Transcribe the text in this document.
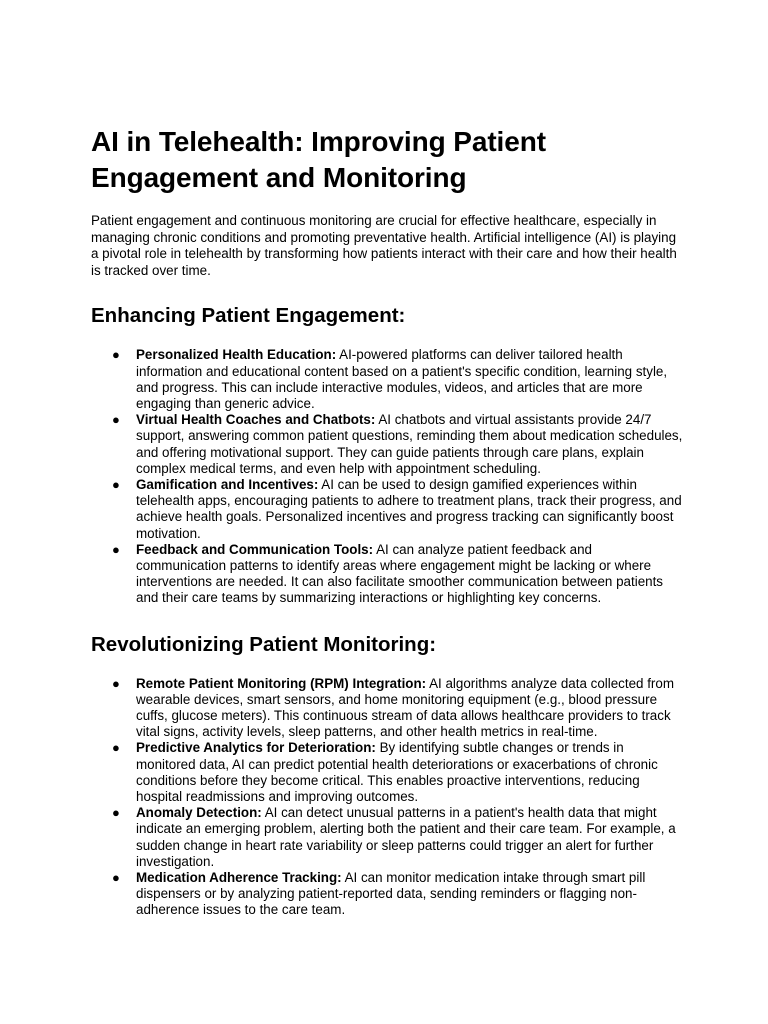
AI in Telehealth: Improving Patient Engagement and Monitoring

Patient engagement and continuous monitoring are crucial for effective healthcare, especially in managing chronic conditions and promoting preventative health. Artificial intelligence (AI) is playing a pivotal role in telehealth by transforming how patients interact with their care and how their health is tracked over time.

Enhancing Patient Engagement:
● Personalized Health Education: AI-powered platforms can deliver tailored health information and educational content based on a patient's specific condition, learning style, and progress. This can include interactive modules, videos, and articles that are more engaging than generic advice.
● Virtual Health Coaches and Chatbots: AI chatbots and virtual assistants provide 24/7 support, answering common patient questions, reminding them about medication schedules, and offering motivational support. They can guide patients through care plans, explain complex medical terms, and even help with appointment scheduling.
● Gamification and Incentives: AI can be used to design gamified experiences within telehealth apps, encouraging patients to adhere to treatment plans, track their progress, and achieve health goals. Personalized incentives and progress tracking can significantly boost motivation.
● Feedback and Communication Tools: AI can analyze patient feedback and communication patterns to identify areas where engagement might be lacking or where interventions are needed. It can also facilitate smoother communication between patients and their care teams by summarizing interactions or highlighting key concerns.
Revolutionizing Patient Monitoring:
● Remote Patient Monitoring (RPM) Integration: AI algorithms analyze data collected from wearable devices, smart sensors, and home monitoring equipment (e.g., blood pressure cuffs, glucose meters). This continuous stream of data allows healthcare providers to track vital signs, activity levels, sleep patterns, and other health metrics in real-time.
● Predictive Analytics for Deterioration: By identifying subtle changes or trends in monitored data, AI can predict potential health deteriorations or exacerbations of chronic conditions before they become critical. This enables proactive interventions, reducing hospital readmissions and improving outcomes.
● Anomaly Detection: AI can detect unusual patterns in a patient's health data that might indicate an emerging problem, alerting both the patient and their care team. For example, a sudden change in heart rate variability or sleep patterns could trigger an alert for further investigation.
● Medication Adherence Tracking: AI can monitor medication intake through smart pill dispensers or by analyzing patient-reported data, sending reminders or flagging non-adherence issues to the care team.
